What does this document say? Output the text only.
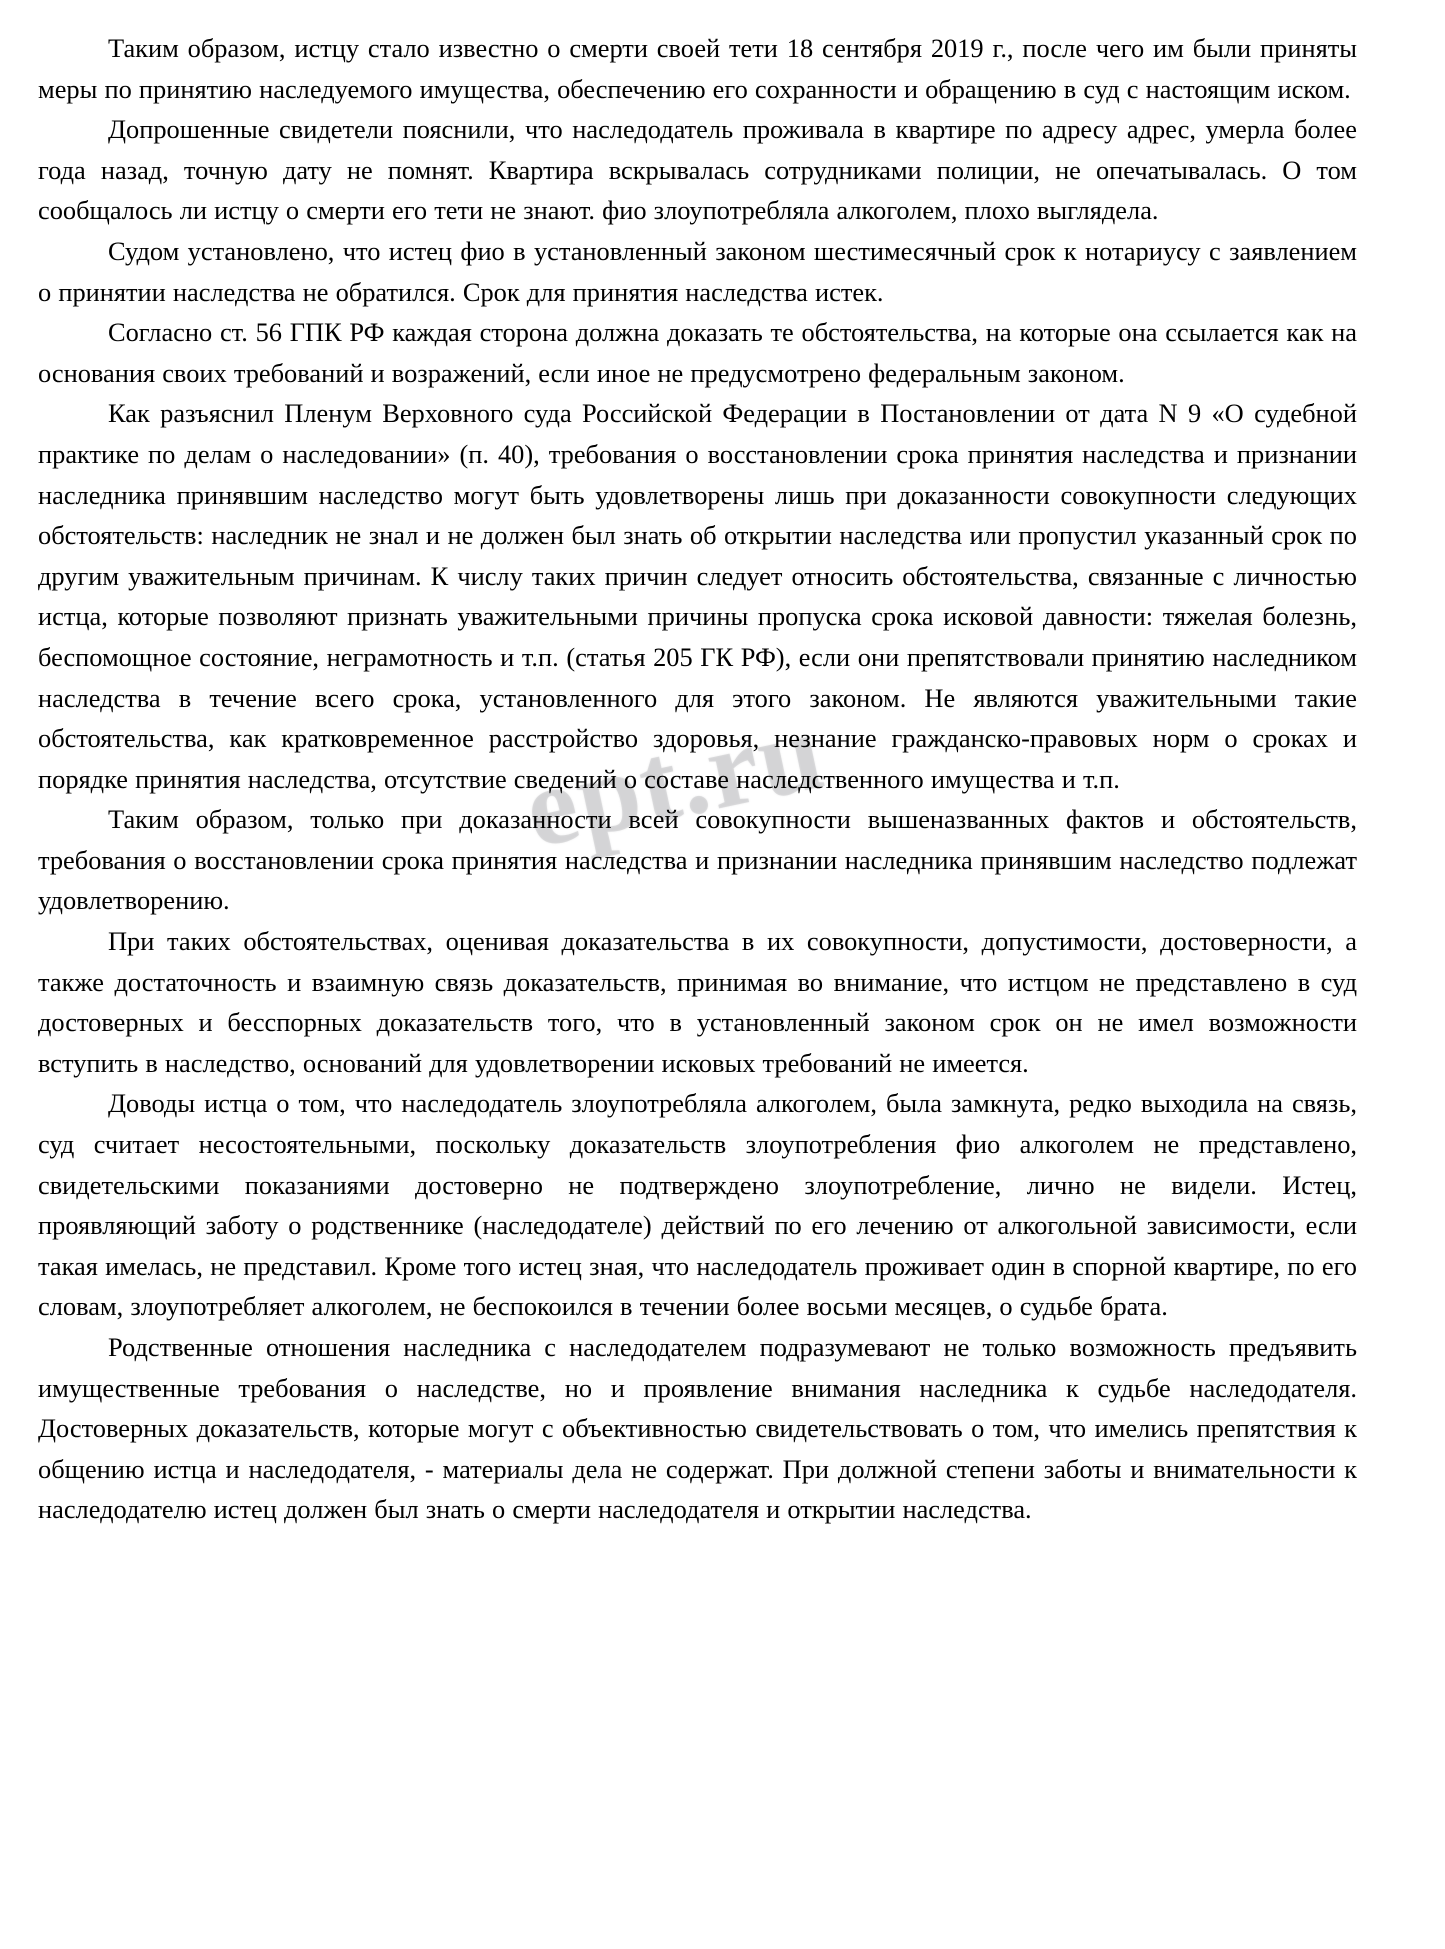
ept.ru

Таким образом, истцу стало известно о смерти своей тети 18 сентября 2019 г., после чего им были приняты меры по принятию наследуемого имущества, обеспечению его сохранности и обращению в суд с настоящим иском.

Допрошенные свидетели пояснили, что наследодатель проживала в квартире по адресу адрес, умерла более года назад, точную дату не помнят. Квартира вскрывалась сотрудниками полиции, не опечатывалась. О том сообщалось ли истцу о смерти его тети не знают. фио злоупотребляла алкоголем, плохо выглядела.

Судом установлено, что истец фио в установленный законом шестимесячный срок к нотариусу с заявлением о принятии наследства не обратился. Срок для принятия наследства истек.

Согласно ст. 56 ГПК РФ каждая сторона должна доказать те обстоятельства, на которые она ссылается как на основания своих требований и возражений, если иное не предусмотрено федеральным законом.

Как разъяснил Пленум Верховного суда Российской Федерации в Постановлении от дата N 9 «О судебной практике по делам о наследовании» (п. 40), требования о восстановлении срока принятия наследства и признании наследника принявшим наследство могут быть удовлетворены лишь при доказанности совокупности следующих обстоятельств: наследник не знал и не должен был знать об открытии наследства или пропустил указанный срок по другим уважительным причинам. К числу таких причин следует относить обстоятельства, связанные с личностью истца, которые позволяют признать уважительными причины пропуска срока исковой давности: тяжелая болезнь, беспомощное состояние, неграмотность и т.п. (статья 205 ГК РФ), если они препятствовали принятию наследником наследства в течение всего срока, установленного для этого законом. Не являются уважительными такие обстоятельства, как кратковременное расстройство здоровья, незнание гражданско-правовых норм о сроках и порядке принятия наследства, отсутствие сведений о составе наследственного имущества и т.п.

Таким образом, только при доказанности всей совокупности вышеназванных фактов и обстоятельств, требования о восстановлении срока принятия наследства и признании наследника принявшим наследство подлежат удовлетворению.

При таких обстоятельствах, оценивая доказательства в их совокупности, допустимости, достоверности, а также достаточность и взаимную связь доказательств, принимая во внимание, что истцом не представлено в суд достоверных и бесспорных доказательств того, что в установленный законом срок он не имел возможности вступить в наследство, оснований для удовлетворении исковых требований не имеется.

Доводы истца о том, что наследодатель злоупотребляла алкоголем, была замкнута, редко выходила на связь, суд считает несостоятельными, поскольку доказательств злоупотребления фио алкоголем не представлено, свидетельскими показаниями достоверно не подтверждено злоупотребление, лично не видели. Истец, проявляющий заботу о родственнике (наследодателе) действий по его лечению от алкогольной зависимости, если такая имелась, не представил. Кроме того истец зная, что наследодатель проживает один в спорной квартире, по его словам, злоупотребляет алкоголем, не беспокоился в течении более восьми месяцев, о судьбе брата.

Родственные отношения наследника с наследодателем подразумевают не только возможность предъявить имущественные требования о наследстве, но и проявление внимания наследника к судьбе наследодателя. Достоверных доказательств, которые могут с объективностью свидетельствовать о том, что имелись препятствия к общению истца и наследодателя, - материалы дела не содержат. При должной степени заботы и внимательности к наследодателю истец должен был знать о смерти наследодателя и открытии наследства.
